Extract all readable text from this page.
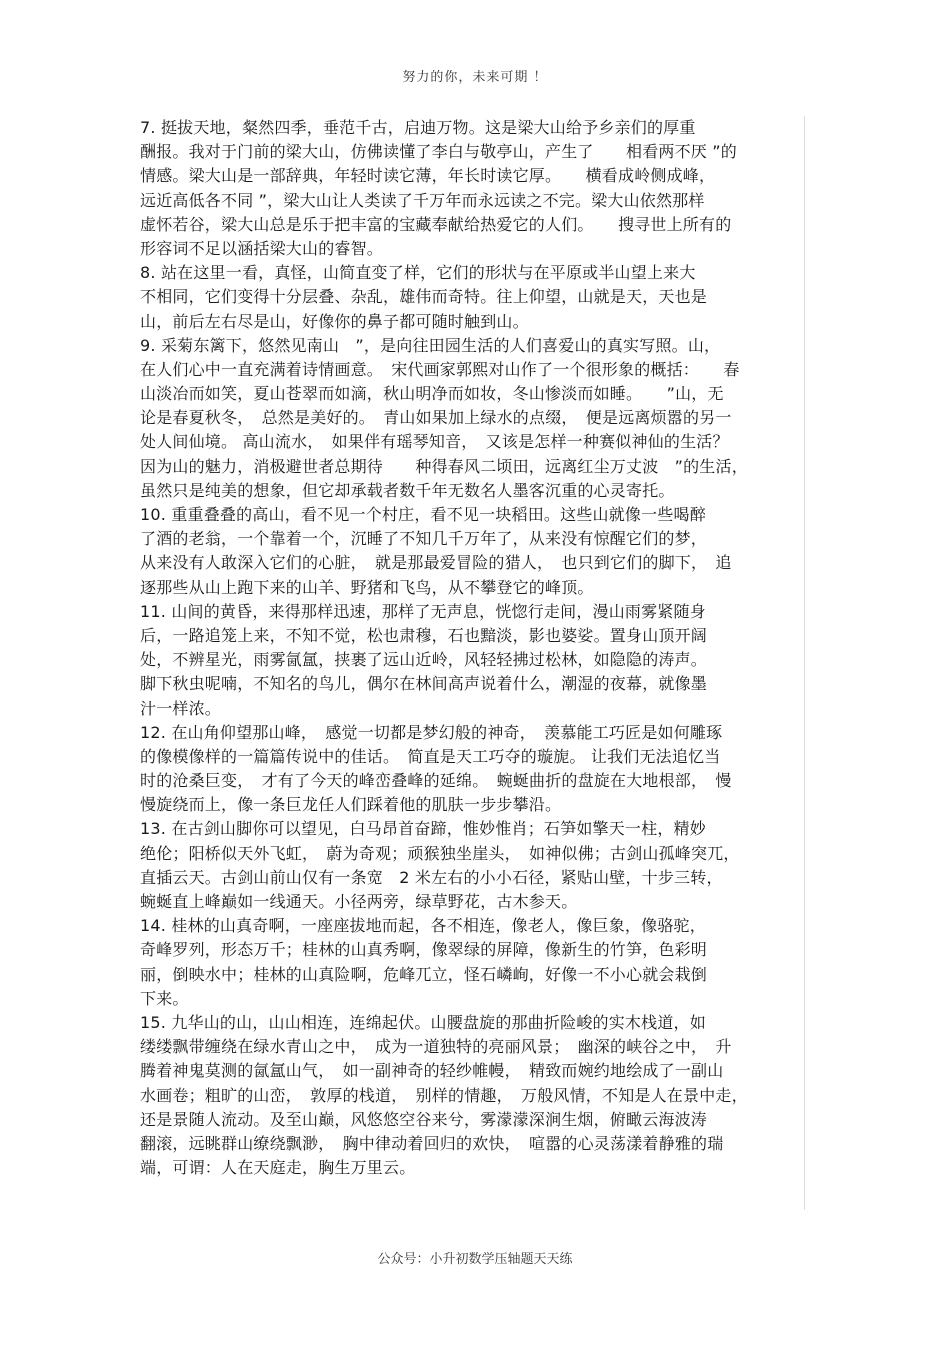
努力的你，未来可期 ！
7. 挺拔天地，粲然四季，垂范千古，启迪万物。这是梁大山给予乡亲们的厚重
酬报。我对于门前的梁大山，仿佛读懂了李白与敬亭山，产生了　　相看两不厌 ”的
情感。梁大山是一部辞典，年轻时读它薄，年长时读它厚。　　横看成岭侧成峰，
远近高低各不同 ”，梁大山让人类读了千万年而永远读之不完。梁大山依然那样
虚怀若谷，梁大山总是乐于把丰富的宝藏奉献给热爱它的人们。　　搜寻世上所有的
形容词不足以涵括梁大山的睿智。
8. 站在这里一看，真怪，山简直变了样，它们的形状与在平原或半山望上来大
不相同，它们变得十分层叠、杂乱，雄伟而奇特。往上仰望，山就是天，天也是
山，前后左右尽是山，好像你的鼻子都可随时触到山。
9. 采菊东篱下，悠然见南山　”，是向往田园生活的人们喜爱山的真实写照。山，
在人们心中一直充满着诗情画意。　宋代画家郭熙对山作了一个很形象的概括：　　春
山淡冶而如笑，夏山苍翠而如滴，秋山明净而如妆，冬山惨淡而如睡。　　”山，无
论是春夏秋冬，　总然是美好的。　青山如果加上绿水的点缀，　便是远离烦嚣的另一
处人间仙境。 高山流水，　如果伴有瑶琴知音，　又该是怎样一种赛似神仙的生活？
因为山的魅力，消极避世者总期待　　种得春风二顷田，远离红尘万丈波　”的生活，
虽然只是纯美的想象，但它却承载者数千年无数名人墨客沉重的心灵寄托。
10. 重重叠叠的高山，看不见一个村庄，看不见一块稻田。这些山就像一些喝醉
了酒的老翁，一个靠着一个，沉睡了不知几千万年了，从来没有惊醒它们的梦，
从来没有人敢深入它们的心脏，　就是那最爱冒险的猎人，　也只到它们的脚下，　追
逐那些从山上跑下来的山羊、野猪和飞鸟，从不攀登它的峰顶。
11. 山间的黄昏，来得那样迅速，那样了无声息，恍惚行走间，漫山雨雾紧随身
后，一路追笼上来，不知不觉，松也肃穆，石也黯淡，影也婆娑。置身山顶开阔
处，不辨星光，雨雾氤氲，挟裹了远山近岭，风轻轻拂过松林，如隐隐的涛声。
脚下秋虫呢喃，不知名的鸟儿，偶尔在林间高声说着什么，潮湿的夜幕，就像墨
汁一样浓。
12. 在山角仰望那山峰，　感觉一切都是梦幻般的神奇，　羡慕能工巧匠是如何雕琢
的像模像样的一篇篇传说中的佳话。　简直是天工巧夺的璇旎。 让我们无法追忆当
时的沧桑巨变，　才有了今天的峰峦叠峰的延绵。　蜿蜒曲折的盘旋在大地根部，　慢
慢旋绕而上，像一条巨龙任人们踩着他的肌肤一步步攀沿。
13. 在古剑山脚你可以望见，白马昂首奋蹄，惟妙惟肖；石笋如擎天一柱，精妙
绝伦；阳桥似天外飞虹，　蔚为奇观；顽猴独坐崖头，　如神似佛；古剑山孤峰突兀，
直插云天。古剑山前山仅有一条宽　2 米左右的小小石径，紧贴山壁，十步三转，
蜿蜒直上峰巅如一线通天。小径两旁，绿草野花，古木参天。
14. 桂林的山真奇啊，一座座拔地而起，各不相连，像老人，像巨象，像骆驼，
奇峰罗列，形态万千；桂林的山真秀啊，像翠绿的屏障，像新生的竹笋，色彩明
丽，倒映水中；桂林的山真险啊，危峰兀立，怪石嶙峋，好像一不小心就会栽倒
下来。
15. 九华山的山，山山相连，连绵起伏。山腰盘旋的那曲折险峻的实木栈道，如
缕缕飘带缠绕在绿水青山之中，　成为一道独特的亮丽风景；　幽深的峡谷之中，　升
腾着神鬼莫测的氤氲山气，　如一副神奇的轻纱帷幔，　精致而婉约地绘成了一副山
水画卷；粗旷的山峦，　敦厚的栈道，　别样的情趣，　万般风情，不知是人在景中走，
还是景随人流动。及至山巅，风悠悠空谷来兮，雾濛濛深涧生烟，俯瞰云海波涛
翻滚，远眺群山缭绕飘渺，　胸中律动着回归的欢快，　喧嚣的心灵荡漾着静雅的瑞
端，可谓：人在天庭走，胸生万里云。
公众号：小升初数学压轴题天天练
